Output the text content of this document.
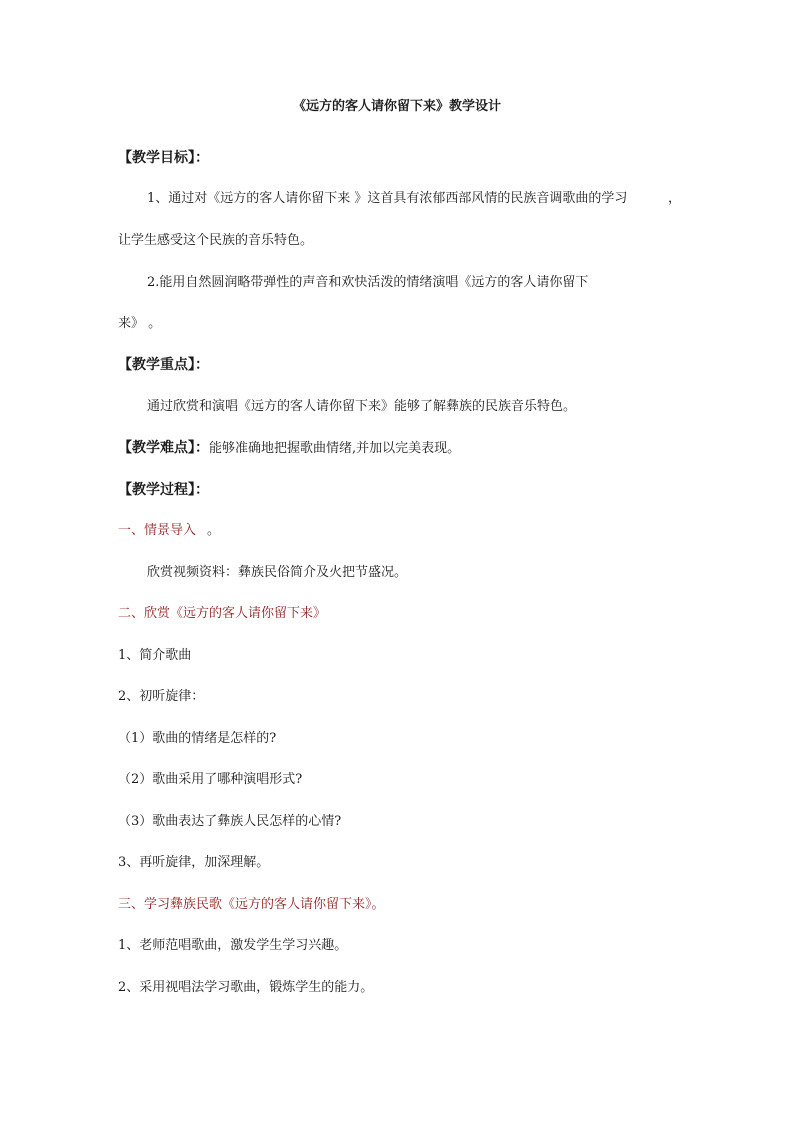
《远方的客人请你留下来》教学设计
【教学目标】：
1、通过对《远方的客人请你留下来 》这首具有浓郁西部风情的民族音调歌曲的学习	，
让学生感受这个民族的音乐特色。
2.能用自然圆润略带弹性的声音和欢快活泼的情绪演唱《远方的客人请你留下
来》 。
【教学重点】：
通过欣赏和演唱《远方的客人请你留下来》能够了解彝族的民族音乐特色。
【教学难点】：能够准确地把握歌曲情绪,并加以完美表现。
【教学过程】：
一、情景导入 。
欣赏视频资料：彝族民俗简介及火把节盛况。
二、欣赏《远方的客人请你留下来》
1、简介歌曲
2、初听旋律：
（1）歌曲的情绪是怎样的?
（2）歌曲采用了哪种演唱形式?
（3）歌曲表达了彝族人民怎样的心情?
3、再听旋律，加深理解。
三、学习彝族民歌《远方的客人请你留下来》。
1、老师范唱歌曲，激发学生学习兴趣。
2、采用视唱法学习歌曲，锻炼学生的能力。
